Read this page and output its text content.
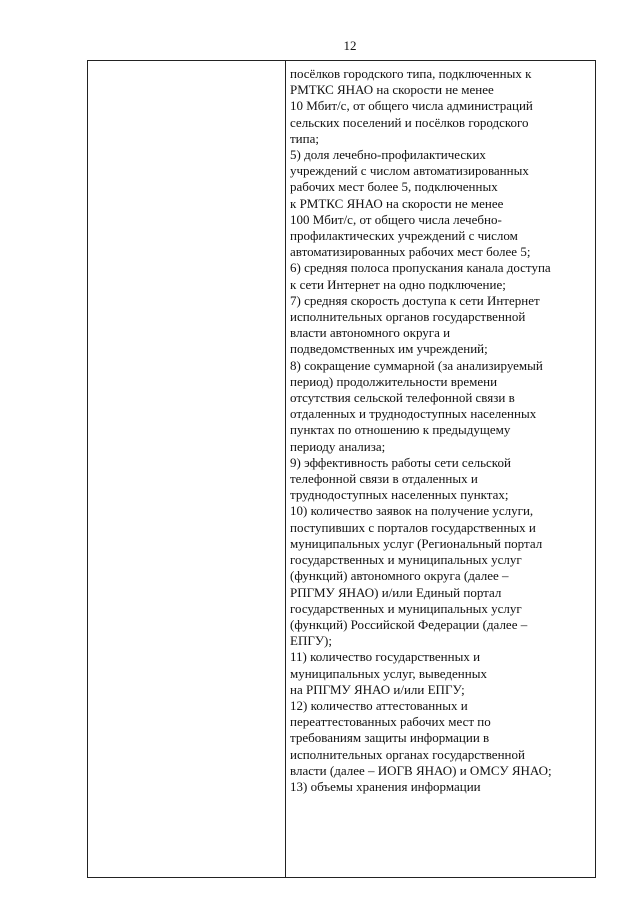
12
посёлков городского типа, подключенных к
РМТКС ЯНАО на скорости не менее
10 Мбит/с, от общего числа администраций
сельских поселений и посёлков городского
типа;
5) доля лечебно-профилактических
учреждений с числом автоматизированных
рабочих мест более 5, подключенных
к РМТКС ЯНАО на скорости не менее
100 Мбит/с, от общего числа лечебно-
профилактических учреждений с числом
автоматизированных рабочих мест более 5;
6) средняя полоса пропускания канала доступа
к сети Интернет на одно подключение;
7) средняя скорость доступа к сети Интернет
исполнительных органов государственной
власти автономного округа и
подведомственных им учреждений;
8) сокращение суммарной (за анализируемый
период) продолжительности времени
отсутствия сельской телефонной связи в
отдаленных и труднодоступных населенных
пунктах по отношению к предыдущему
периоду анализа;
9) эффективность работы сети сельской
телефонной связи в отдаленных и
труднодоступных населенных пунктах;
10) количество заявок на получение услуги,
поступивших с порталов государственных и
муниципальных услуг (Региональный портал
государственных и муниципальных услуг
(функций) автономного округа (далее –
РПГМУ ЯНАО) и/или Единый портал
государственных и муниципальных услуг
(функций) Российской Федерации (далее –
ЕПГУ);
11) количество государственных и
муниципальных услуг, выведенных
на РПГМУ ЯНАО и/или ЕПГУ;
12) количество аттестованных и
переаттестованных рабочих мест по
требованиям защиты информации в
исполнительных органах государственной
власти (далее – ИОГВ ЯНАО) и ОМСУ ЯНАО;
13) объемы хранения информации
